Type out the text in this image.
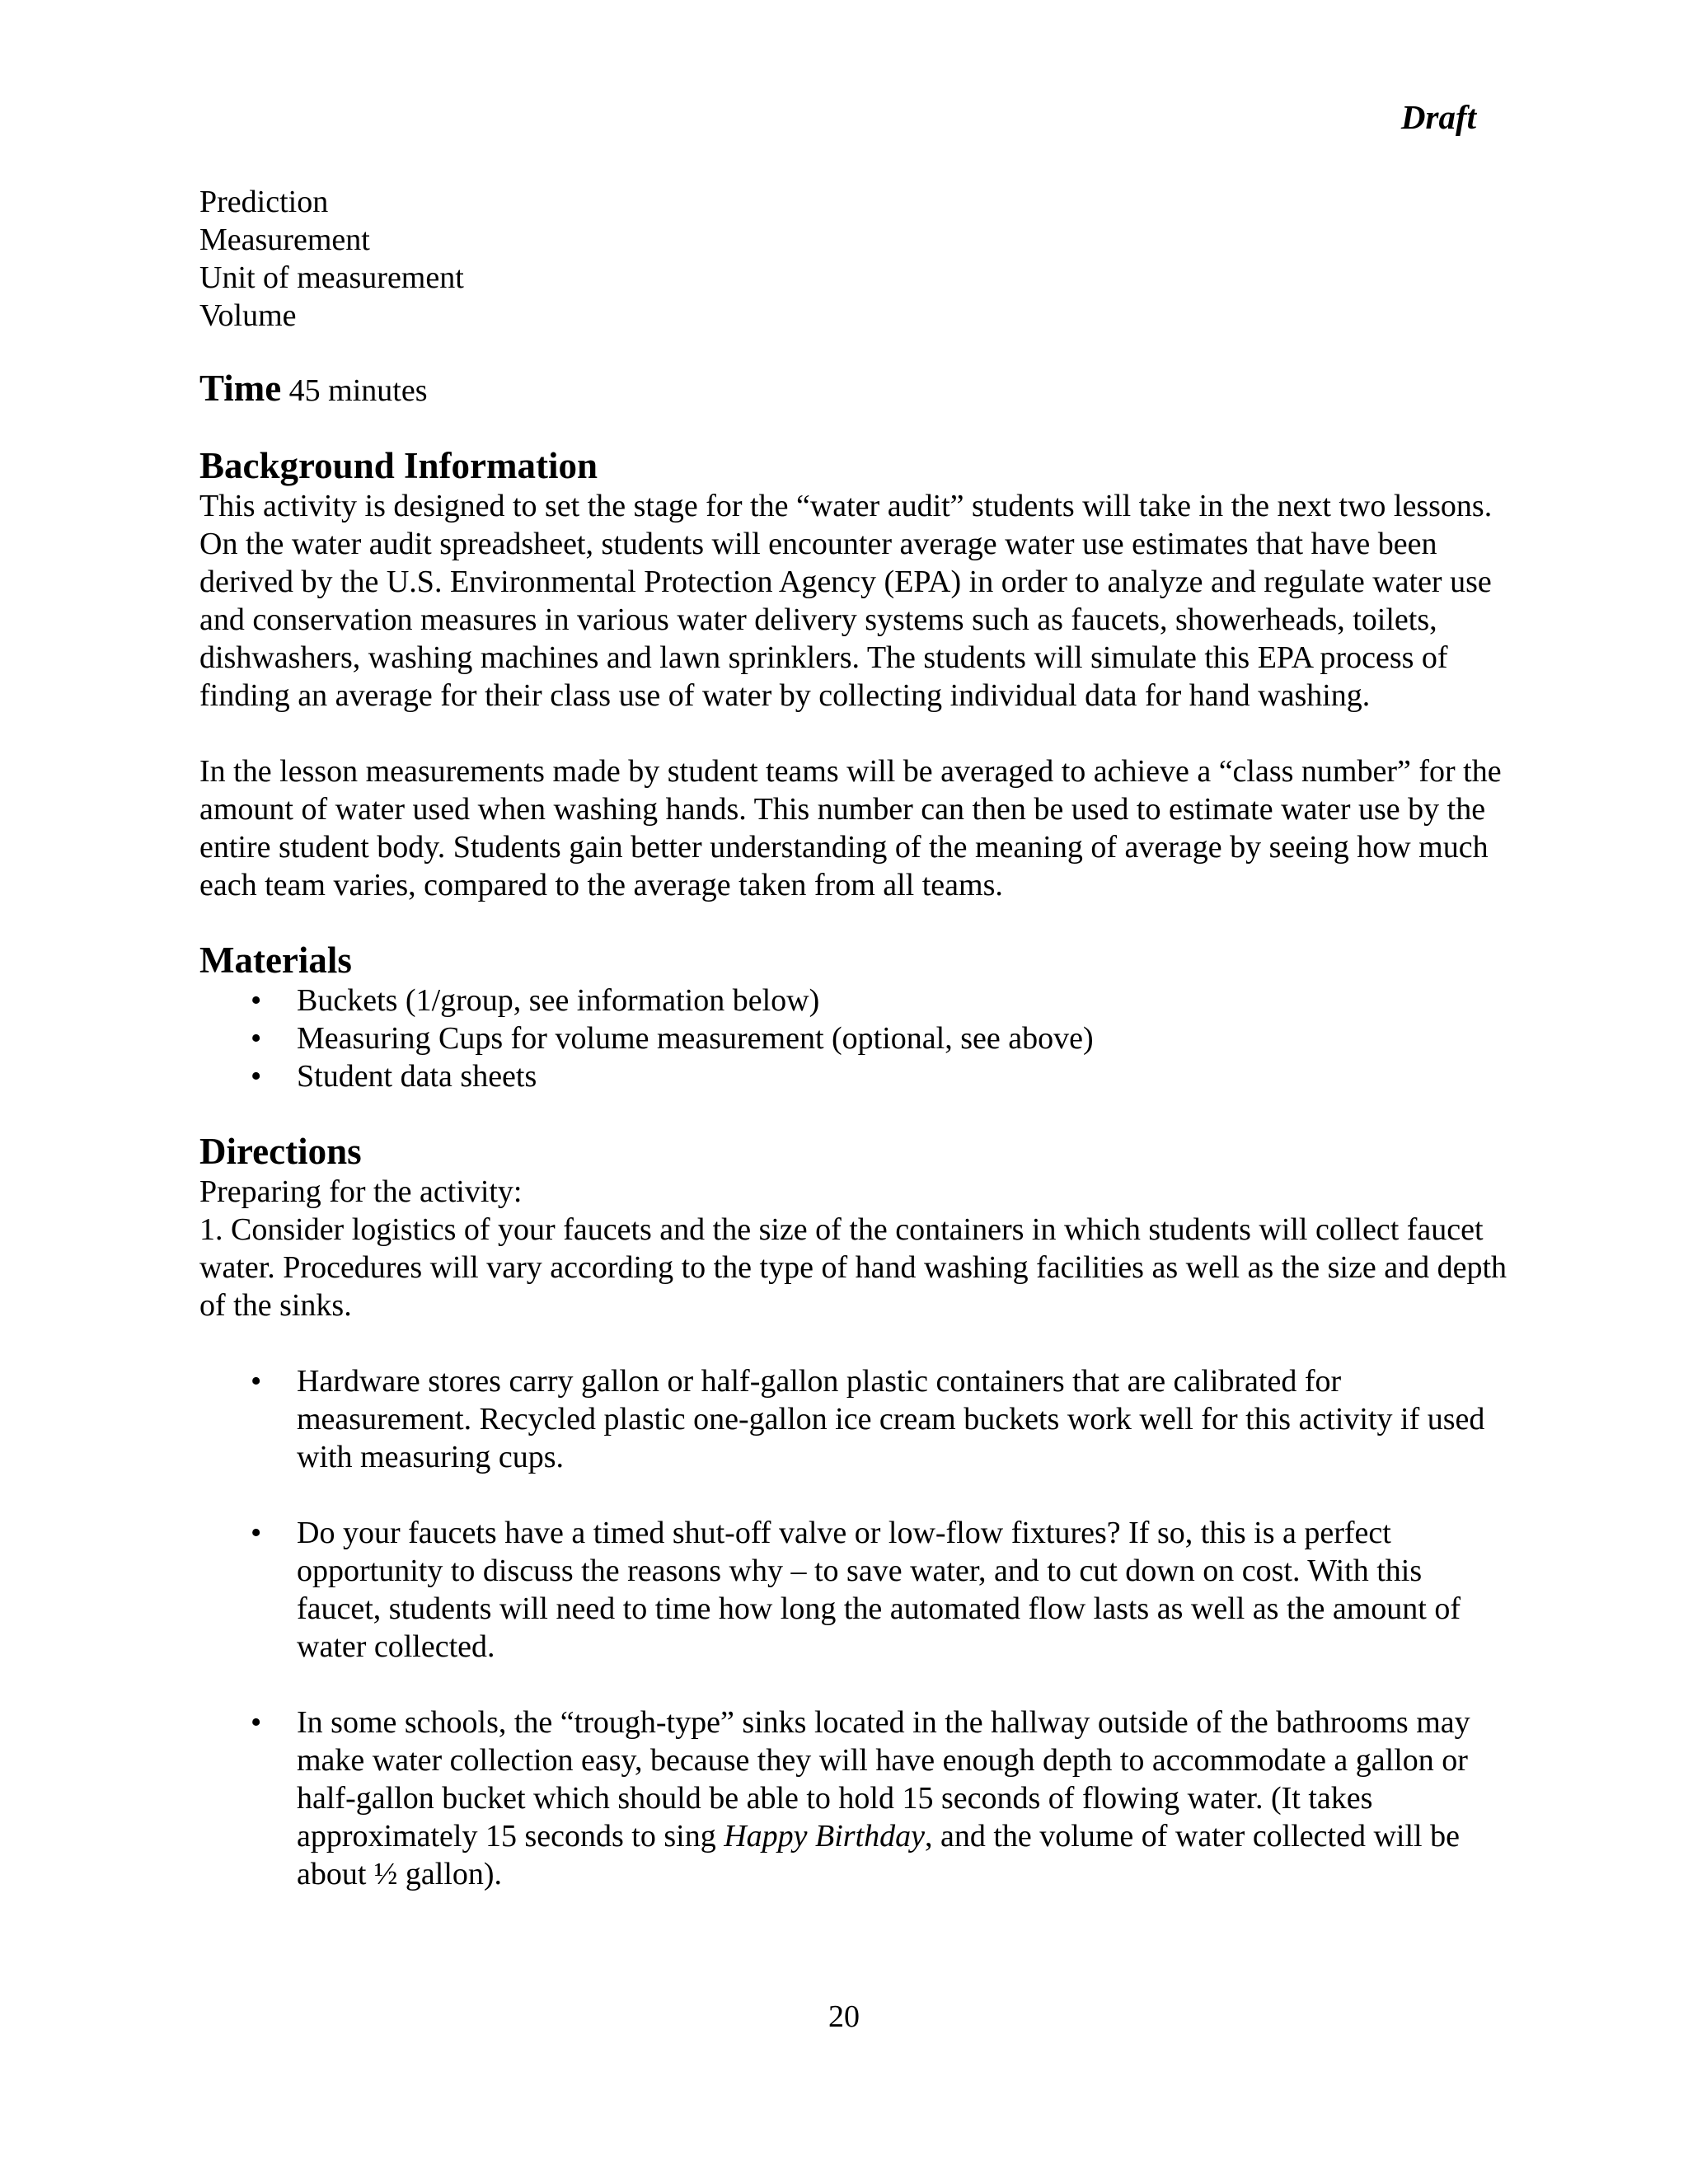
Draft
Prediction
Measurement
Unit of measurement
Volume
Time 45 minutes
Background Information

This activity is designed to set the stage for the “water audit” students will take in the next two lessons. On the water audit spreadsheet, students will encounter average water use estimates that have been derived by the U.S. Environmental Protection Agency (EPA) in order to analyze and regulate water use and conservation measures in various water delivery systems such as faucets, showerheads, toilets, dishwashers, washing machines and lawn sprinklers. The students will simulate this EPA process of finding an average for their class use of water by collecting individual data for hand washing.

In the lesson measurements made by student teams will be averaged to achieve a “class number” for the amount of water used when washing hands. This number can then be used to estimate water use by the entire student body. Students gain better understanding of the meaning of average by seeing how much each team varies, compared to the average taken from all teams.

Materials
• Buckets (1/group, see information below)
• Measuring Cups for volume measurement (optional, see above)
• Student data sheets
Directions

Preparing for the activity:

1. Consider logistics of your faucets and the size of the containers in which students will collect faucet water. Procedures will vary according to the type of hand washing facilities as well as the size and depth of the sinks.

• Hardware stores carry gallon or half-gallon plastic containers that are calibrated for measurement. Recycled plastic one-gallon ice cream buckets work well for this activity if used with measuring cups.
• Do your faucets have a timed shut-off valve or low-flow fixtures? If so, this is a perfect opportunity to discuss the reasons why – to save water, and to cut down on cost. With this faucet, students will need to time how long the automated flow lasts as well as the amount of water collected.
• In some schools, the “trough-type” sinks located in the hallway outside of the bathrooms may make water collection easy, because they will have enough depth to accommodate a gallon or half-gallon bucket which should be able to hold 15 seconds of flowing water. (It takes approximately 15 seconds to sing Happy Birthday, and the volume of water collected will be about ½ gallon).
20
